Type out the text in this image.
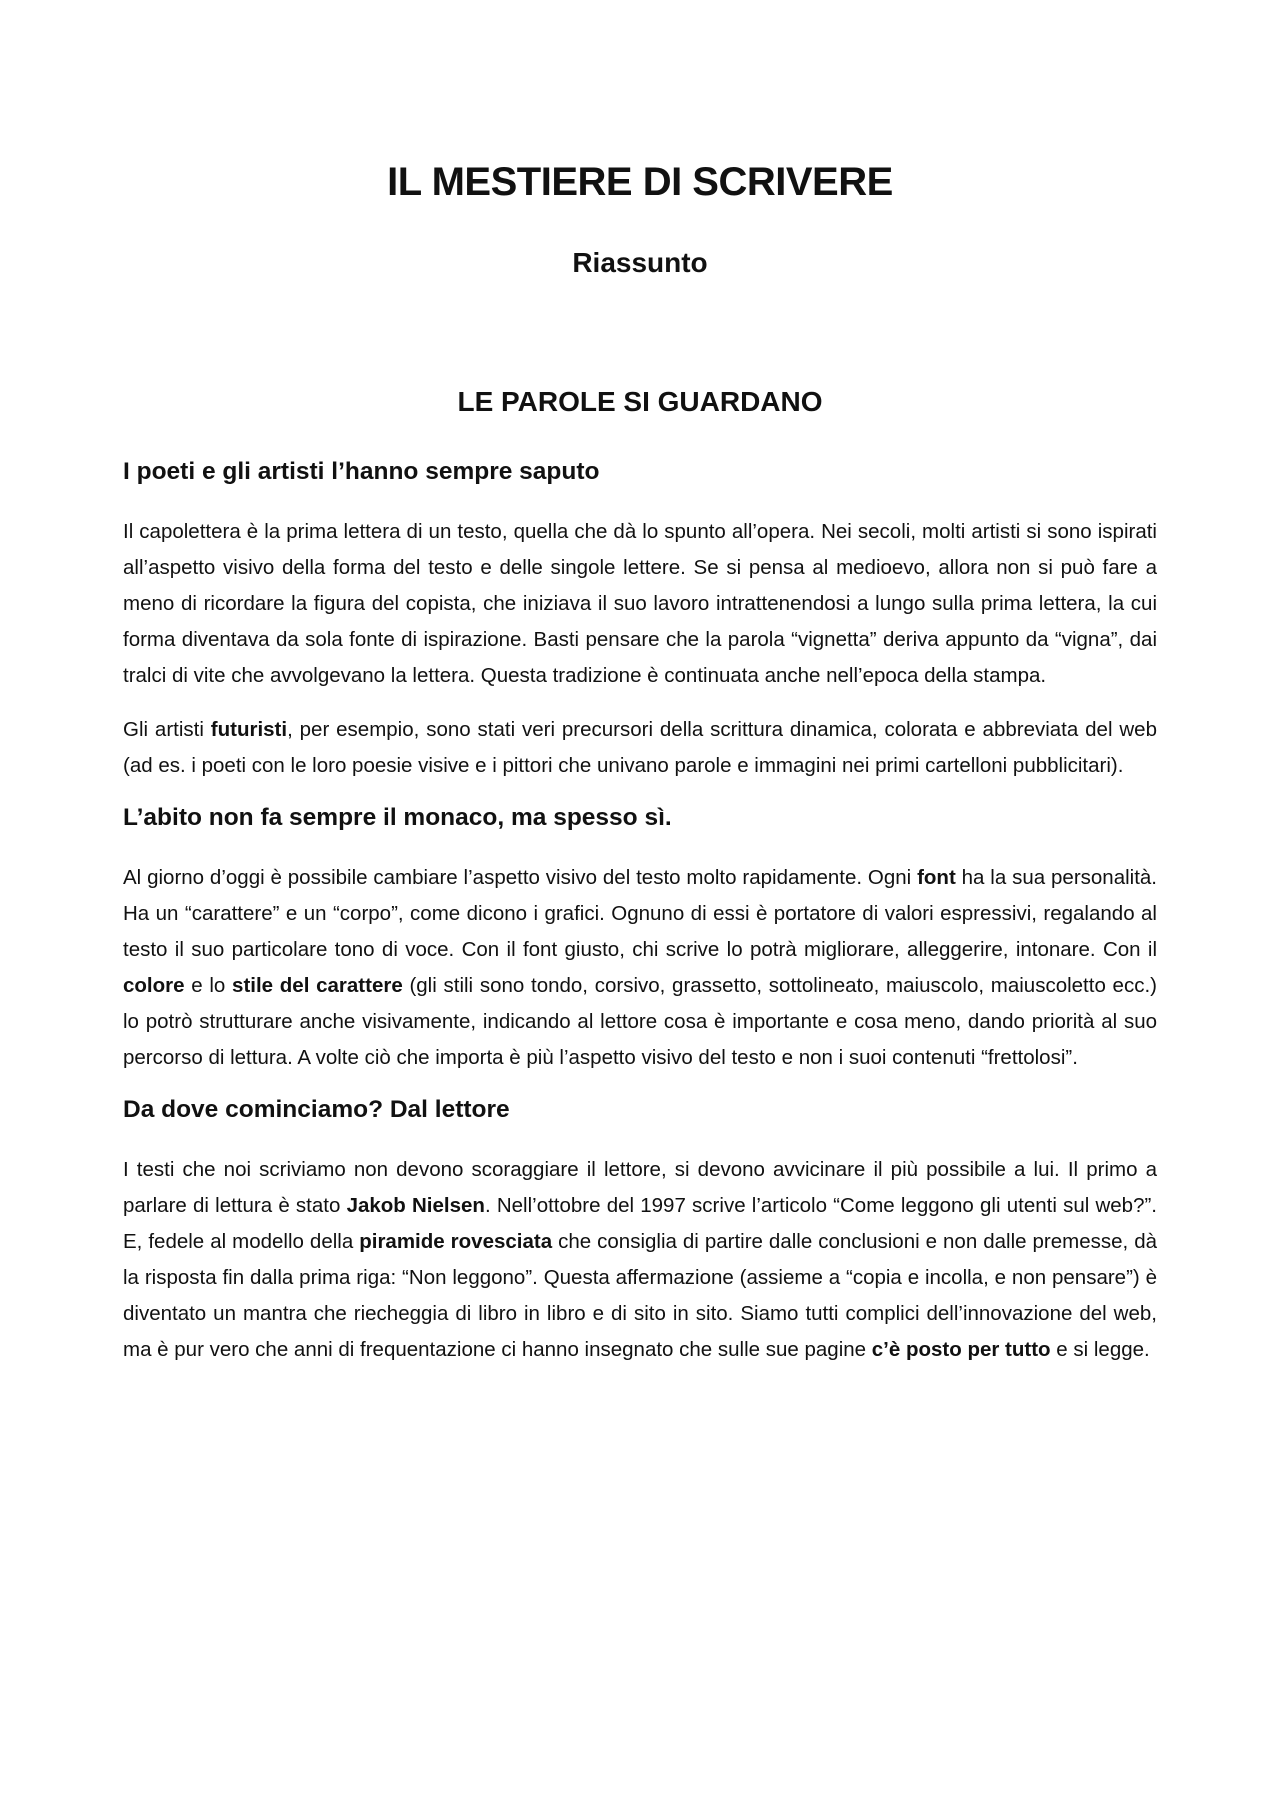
IL MESTIERE DI SCRIVERE
Riassunto
LE PAROLE SI GUARDANO
I poeti e gli artisti l’hanno sempre saputo

Il capolettera è la prima lettera di un testo, quella che dà lo spunto all’opera. Nei secoli, molti artisti si sono ispirati all’aspetto visivo della forma del testo e delle singole lettere. Se si pensa al medioevo, allora non si può fare a meno di ricordare la figura del copista, che iniziava il suo lavoro intrattenendosi a lungo sulla prima lettera, la cui forma diventava da sola fonte di ispirazione. Basti pensare che la parola “vignetta” deriva appunto da “vigna”, dai tralci di vite che avvolgevano la lettera. Questa tradizione è continuata anche nell’epoca della stampa.

Gli artisti futuristi, per esempio, sono stati veri precursori della scrittura dinamica, colorata e abbreviata del web (ad es. i poeti con le loro poesie visive e i pittori che univano parole e immagini nei primi cartelloni pubblicitari).

L’abito non fa sempre il monaco, ma spesso sì.

Al giorno d’oggi è possibile cambiare l’aspetto visivo del testo molto rapidamente. Ogni font ha la sua personalità. Ha un “carattere” e un “corpo”, come dicono i grafici. Ognuno di essi è portatore di valori espressivi, regalando al testo il suo particolare tono di voce. Con il font giusto, chi scrive lo potrà migliorare, alleggerire, intonare. Con il colore e lo stile del carattere (gli stili sono tondo, corsivo, grassetto, sottolineato, maiuscolo, maiuscoletto ecc.) lo potrò strutturare anche visivamente, indicando al lettore cosa è importante e cosa meno, dando priorità al suo percorso di lettura. A volte ciò che importa è più l’aspetto visivo del testo e non i suoi contenuti “frettolosi”.

Da dove cominciamo? Dal lettore

I testi che noi scriviamo non devono scoraggiare il lettore, si devono avvicinare il più possibile a lui. Il primo a parlare di lettura è stato Jakob Nielsen. Nell’ottobre del 1997 scrive l’articolo “Come leggono gli utenti sul web?”. E, fedele al modello della piramide rovesciata che consiglia di partire dalle conclusioni e non dalle premesse, dà la risposta fin dalla prima riga: “Non leggono”. Questa affermazione (assieme a “copia e incolla, e non pensare”) è diventato un mantra che riecheggia di libro in libro e di sito in sito. Siamo tutti complici dell’innovazione del web, ma è pur vero che anni di frequentazione ci hanno insegnato che sulle sue pagine c’è posto per tutto e si legge.
